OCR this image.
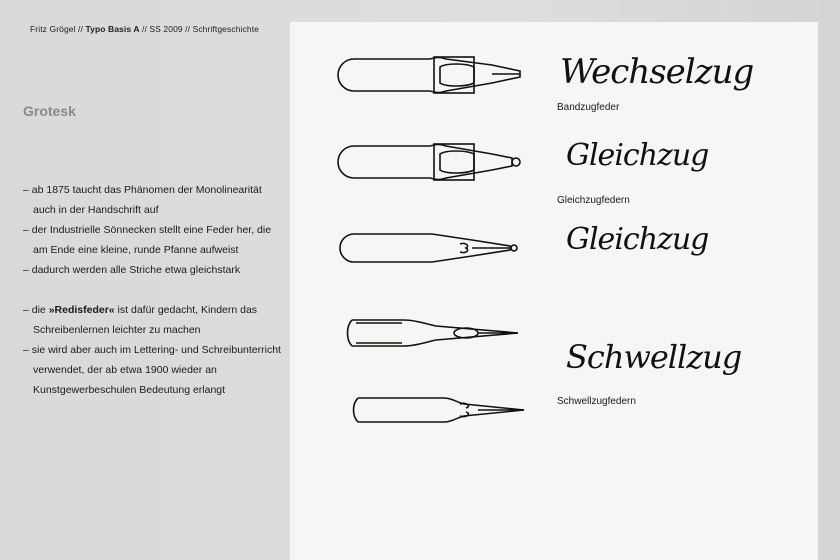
Fritz Grögel // Typo Basis A // SS 2009 // Schriftgeschichte
Grotesk
– ab 1875 taucht das Phänomen der Monolinearität auch in der Handschrift auf
– der Industrielle Sönnecken stellt eine Feder her, die am Ende eine kleine, runde Pfanne aufweist
– dadurch werden alle Striche etwa gleichstark
– die »Redisfeder« ist dafür gedacht, Kindern das Schreibenlernen leichter zu machen
– sie wird aber auch im Lettering- und Schreibunterricht verwendet, der ab etwa 1900 wieder an Kunstgewerbeschulen Bedeutung erlangt
Wechselzug
Bandzugfeder
Gleichzug
Gleichzugfedern
Gleichzug
Schwellzug
Schwellzugfedern
